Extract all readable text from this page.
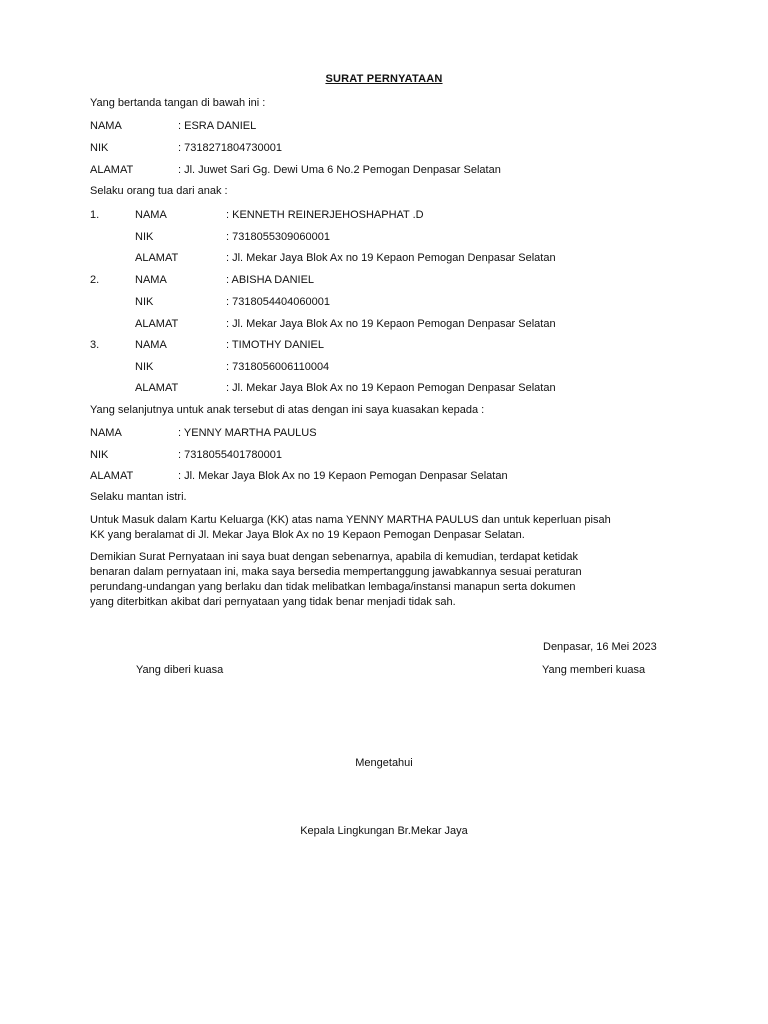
SURAT PERNYATAAN
Yang bertanda tangan di bawah ini :
NAMA	: ESRA DANIEL
NIK	: 7318271804730001
ALAMAT	: Jl. Juwet Sari Gg. Dewi Uma 6 No.2 Pemogan Denpasar Selatan
Selaku orang tua dari anak :
1.	NAMA	: KENNETH REINERJEHOSHAPHAT .D
NIK	: 7318055309060001
ALAMAT	: Jl. Mekar Jaya Blok Ax no 19 Kepaon Pemogan Denpasar Selatan
2.	NAMA	: ABISHA DANIEL
NIK	: 7318054404060001
ALAMAT	: Jl. Mekar Jaya Blok Ax no 19 Kepaon Pemogan Denpasar Selatan
3.	NAMA	: TIMOTHY DANIEL
NIK	: 7318056006110004
ALAMAT	: Jl. Mekar Jaya Blok Ax no 19 Kepaon Pemogan Denpasar Selatan
Yang selanjutnya untuk anak tersebut di atas dengan ini saya kuasakan kepada :
NAMA	: YENNY MARTHA PAULUS
NIK	: 7318055401780001
ALAMAT	: Jl. Mekar Jaya Blok Ax no 19 Kepaon Pemogan Denpasar Selatan
Selaku mantan istri.
Untuk Masuk dalam Kartu Keluarga (KK) atas nama YENNY MARTHA PAULUS dan untuk keperluan pisah
KK yang beralamat di Jl. Mekar Jaya Blok Ax no 19 Kepaon Pemogan Denpasar Selatan.
Demikian Surat Pernyataan ini saya buat dengan sebenarnya, apabila di kemudian, terdapat ketidak
benaran dalam pernyataan ini, maka saya bersedia mempertanggung jawabkannya sesuai peraturan
perundang-undangan yang berlaku dan tidak melibatkan lembaga/instansi manapun serta dokumen
yang diterbitkan akibat dari pernyataan yang tidak benar menjadi tidak sah.
Denpasar, 16 Mei 2023
Yang diberi kuasa	Yang memberi kuasa
Mengetahui
Kepala Lingkungan Br.Mekar Jaya
